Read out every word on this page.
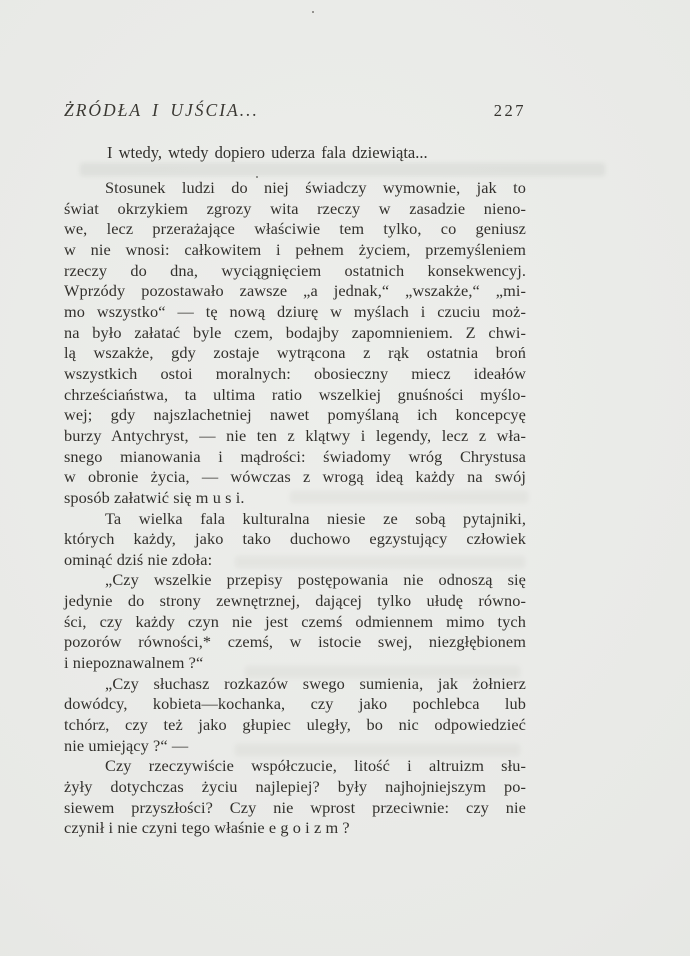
ŻRÓDŁA I UJŚCIA...	227
I wtedy, wtedy dopiero uderza fala dziewiąta...
Stosunek ludzi do niej świadczy wymownie, jak to
świat okrzykiem zgrozy wita rzeczy w zasadzie nieno-
we, lecz przerażające właściwie tem tylko, co geniusz
w nie wnosi: całkowitem i pełnem życiem, przemyśleniem
rzeczy do dna, wyciągnięciem ostatnich konsekwencyj.
Wprzódy pozostawało zawsze „a jednak,“ „wszakże,“ „mi-
mo wszystko“ — tę nową dziurę w myślach i czuciu moż-
na było załatać byle czem, bodajby zapomnieniem. Z chwi-
lą wszakże, gdy zostaje wytrącona z rąk ostatnia broń
wszystkich ostoi moralnych: obosieczny miecz ideałów
chrześciaństwa, ta ultima ratio wszelkiej gnuśności myślo-
wej; gdy najszlachetniej nawet pomyślaną ich koncepcyę
burzy Antychryst, — nie ten z klątwy i legendy, lecz z wła-
snego mianowania i mądrości: świadomy wróg Chrystusa
w obronie życia, — wówczas z wrogą ideą każdy na swój
sposób załatwić się m u s i.
Ta wielka fala kulturalna niesie ze sobą pytajniki,
których każdy, jako tako duchowo egzystujący człowiek
ominąć dziś nie zdoła:
„Czy wszelkie przepisy postępowania nie odnoszą się
jedynie do strony zewnętrznej, dającej tylko ułudę równo-
ści, czy każdy czyn nie jest czemś odmiennem mimo tych
pozorów równości,* czemś, w istocie swej, niezgłębionem
i niepoznawalnem ?“
„Czy słuchasz rozkazów swego sumienia, jak żołnierz
dowódcy, kobieta—kochanka, czy jako pochlebca lub
tchórz, czy też jako głupiec uległy, bo nic odpowiedzieć
nie umiejący ?“ —
Czy rzeczywiście współczucie, litość i altruizm słu-
żyły dotychczas życiu najlepiej? były najhojniejszym po-
siewem przyszłości? Czy nie wprost przeciwnie: czy nie
czynił i nie czyni tego właśnie e g o i z m ?
